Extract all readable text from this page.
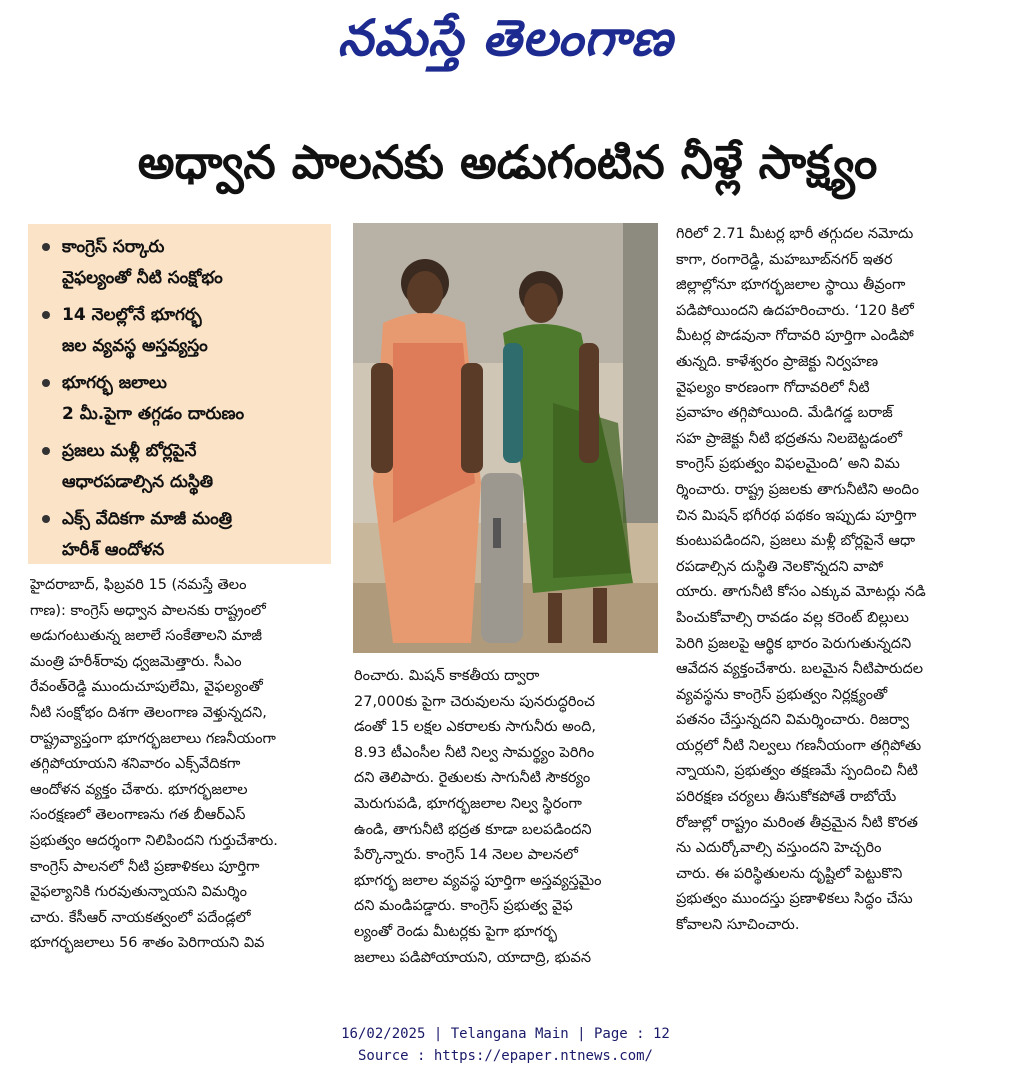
నమస్తే తెలంగాణ
అధ్వాన పాలనకు అడుగంటిన నీళ్లే సాక్ష్యం
కాంగ్రెస్ సర్కారు
వైఫల్యంతో నీటి సంక్షోభం
14 నెలల్లోనే భూగర్భ
జల వ్యవస్థ అస్తవ్యస్తం
భూగర్భ జలాలు
2 మీ.పైగా తగ్గడం దారుణం
ప్రజలు మళ్లీ బోర్లపైనే
ఆధారపడాల్సిన దుస్థితి
ఎక్స్ వేదికగా మాజీ మంత్రి
హరీశ్ ఆందోళన
హైదరాబాద్, ఫిబ్రవరి 15 (నమస్తే తెలం
గాణ): కాంగ్రెస్ అధ్వాన పాలనకు రాష్ట్రంలో
అడుగంటుతున్న జలాలే సంకేతాలని మాజీ
మంత్రి హరీశ్‌రావు ధ్వజమెత్తారు. సీఎం
రేవంత్‌రెడ్డి ముందుచూపులేమి, వైఫల్యంతో
నీటి సంక్షోభం దిశగా తెలంగాణ వెళ్తున్నదని,
రాష్ట్రవ్యాప్తంగా భూగర్భజలాలు గణనీయంగా
తగ్గిపోయాయని శనివారం ఎక్స్‌వేదికగా
ఆందోళన వ్యక్తం చేశారు. భూగర్భజలాల
సంరక్షణలో తెలంగాణను గత బీఆర్‌ఎస్
ప్రభుత్వం ఆదర్శంగా నిలిపిందని గుర్తుచేశారు.
కాంగ్రెస్ పాలనలో నీటి ప్రణాళికలు పూర్తిగా
వైఫల్యానికి గురవుతున్నాయని విమర్శిం
చారు. కేసీఆర్ నాయకత్వంలో పదేండ్లలో
భూగర్భజలాలు 56 శాతం పెరిగాయని వివ
రించారు. మిషన్ కాకతీయ ద్వారా
27,000కు పైగా చెరువులను పునరుద్ధరించ
డంతో 15 లక్షల ఎకరాలకు సాగునీరు అంది,
8.93 టీఎంసీల నీటి నిల్వ సామర్థ్యం పెరిగిం
దని తెలిపారు. రైతులకు సాగునీటి సౌకర్యం
మెరుగుపడి, భూగర్భజలాల నిల్వ స్థిరంగా
ఉండి, తాగునీటి భద్రత కూడా బలపడిందని
పేర్కొన్నారు. కాంగ్రెస్ 14 నెలల పాలనలో
భూగర్భ జలాల వ్యవస్థ పూర్తిగా అస్తవ్యస్తమైం
దని మండిపడ్డారు. కాంగ్రెస్ ప్రభుత్వ వైఫ
ల్యంతో రెండు మీటర్లకు పైగా భూగర్భ
జలాలు పడిపోయాయని, యాదాద్రి, భువన
గిరిలో 2.71 మీటర్ల భారీ తగ్గుదల నమోదు
కాగా, రంగారెడ్డి, మహబూబ్‌నగర్ ఇతర
జిల్లాల్లోనూ భూగర్భజలాల స్థాయి తీవ్రంగా
పడిపోయిందని ఉదహరించారు. ‘120 కిలో
మీటర్ల పొడవునా గోదావరి పూర్తిగా ఎండిపో
తున్నది. కాళేశ్వరం ప్రాజెక్టు నిర్వహణ
వైఫల్యం కారణంగా గోదావరిలో నీటి
ప్రవాహం తగ్గిపోయింది. మేడిగడ్డ బరాజ్
సహ ప్రాజెక్టు నీటి భద్రతను నిలబెట్టడంలో
కాంగ్రెస్ ప్రభుత్వం విఫలమైంది’ అని విమ
ర్శించారు. రాష్ట్ర ప్రజలకు తాగునీటిని అందిం
చిన మిషన్ భగీరథ పథకం ఇప్పుడు పూర్తిగా
కుంటుపడిందని, ప్రజలు మళ్లీ బోర్లపైనే ఆధా
రపడాల్సిన దుస్థితి నెలకొన్నదని వాపో
యారు. తాగునీటి కోసం ఎక్కువ మోటర్లు నడి
పించుకోవాల్సి రావడం వల్ల కరెంట్ బిల్లులు
పెరిగి ప్రజలపై ఆర్థిక భారం పెరుగుతున్నదని
ఆవేదన వ్యక్తంచేశారు. బలమైన నీటిపారుదల
వ్యవస్థను కాంగ్రెస్ ప్రభుత్వం నిర్లక్ష్యంతో
పతనం చేస్తున్నదని విమర్శించారు. రిజర్వా
యర్లలో నీటి నిల్వలు గణనీయంగా తగ్గిపోతు
న్నాయని, ప్రభుత్వం తక్షణమే స్పందించి నీటి
పరిరక్షణ చర్యలు తీసుకోకపోతే రాబోయే
రోజుల్లో రాష్ట్రం మరింత తీవ్రమైన నీటి కొరత
ను ఎదుర్కోవాల్సి వస్తుందని హెచ్చరిం
చారు. ఈ పరిస్థితులను దృష్టిలో పెట్టుకొని
ప్రభుత్వం ముందస్తు ప్రణాళికలు సిద్ధం చేసు
కోవాలని సూచించారు.
16/02/2025 | Telangana Main | Page : 12
Source : https://epaper.ntnews.com/
